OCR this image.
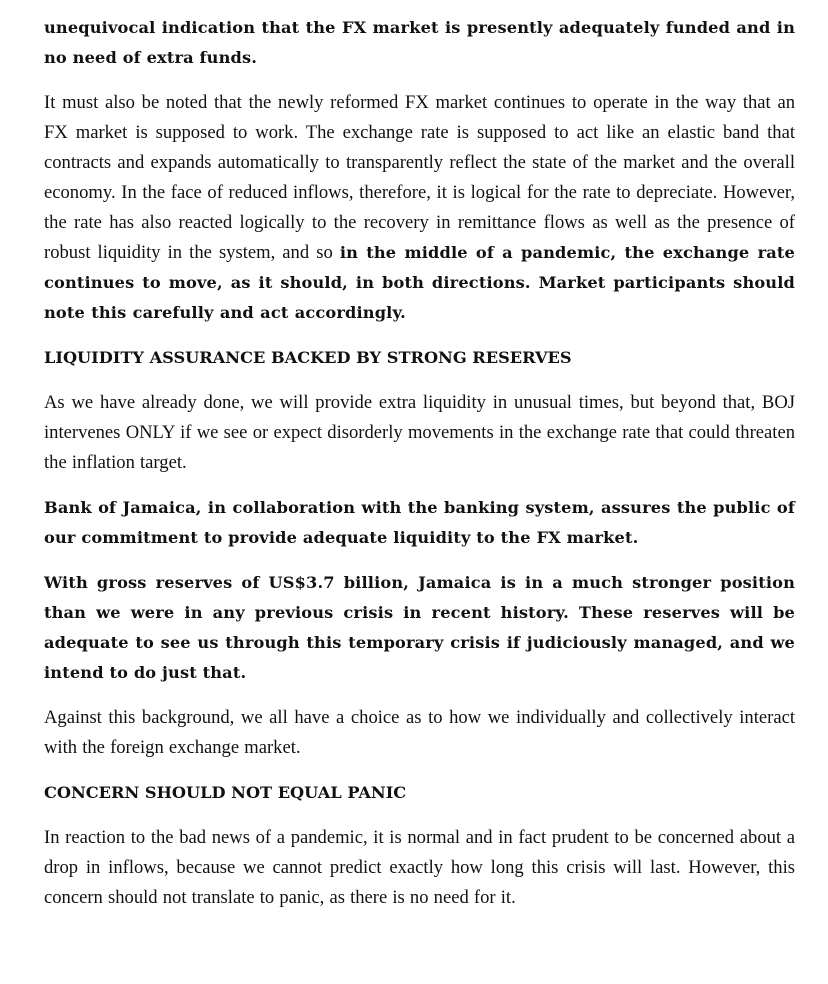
unequivocal indication that the FX market is presently adequately funded and in no need of extra funds.

It must also be noted that the newly reformed FX market continues to operate in the way that an FX market is supposed to work. The exchange rate is supposed to act like an elastic band that contracts and expands automatically to transparently reflect the state of the market and the overall economy. In the face of reduced inflows, therefore, it is logical for the rate to depreciate. However, the rate has also reacted logically to the recovery in remittance flows as well as the presence of robust liquidity in the system, and so in the middle of a pandemic, the exchange rate continues to move, as it should, in both directions. Market participants should note this carefully and act accordingly.

LIQUIDITY ASSURANCE BACKED BY STRONG RESERVES

As we have already done, we will provide extra liquidity in unusual times, but beyond that, BOJ intervenes ONLY if we see or expect disorderly movements in the exchange rate that could threaten the inflation target.

Bank of Jamaica, in collaboration with the banking system, assures the public of our commitment to provide adequate liquidity to the FX market.

With gross reserves of US$3.7 billion, Jamaica is in a much stronger position than we were in any previous crisis in recent history. These reserves will be adequate to see us through this temporary crisis if judiciously managed, and we intend to do just that.

Against this background, we all have a choice as to how we individually and collectively interact with the foreign exchange market.

CONCERN SHOULD NOT EQUAL PANIC

In reaction to the bad news of a pandemic, it is normal and in fact prudent to be concerned about a drop in inflows, because we cannot predict exactly how long this crisis will last. However, this concern should not translate to panic, as there is no need for it.
